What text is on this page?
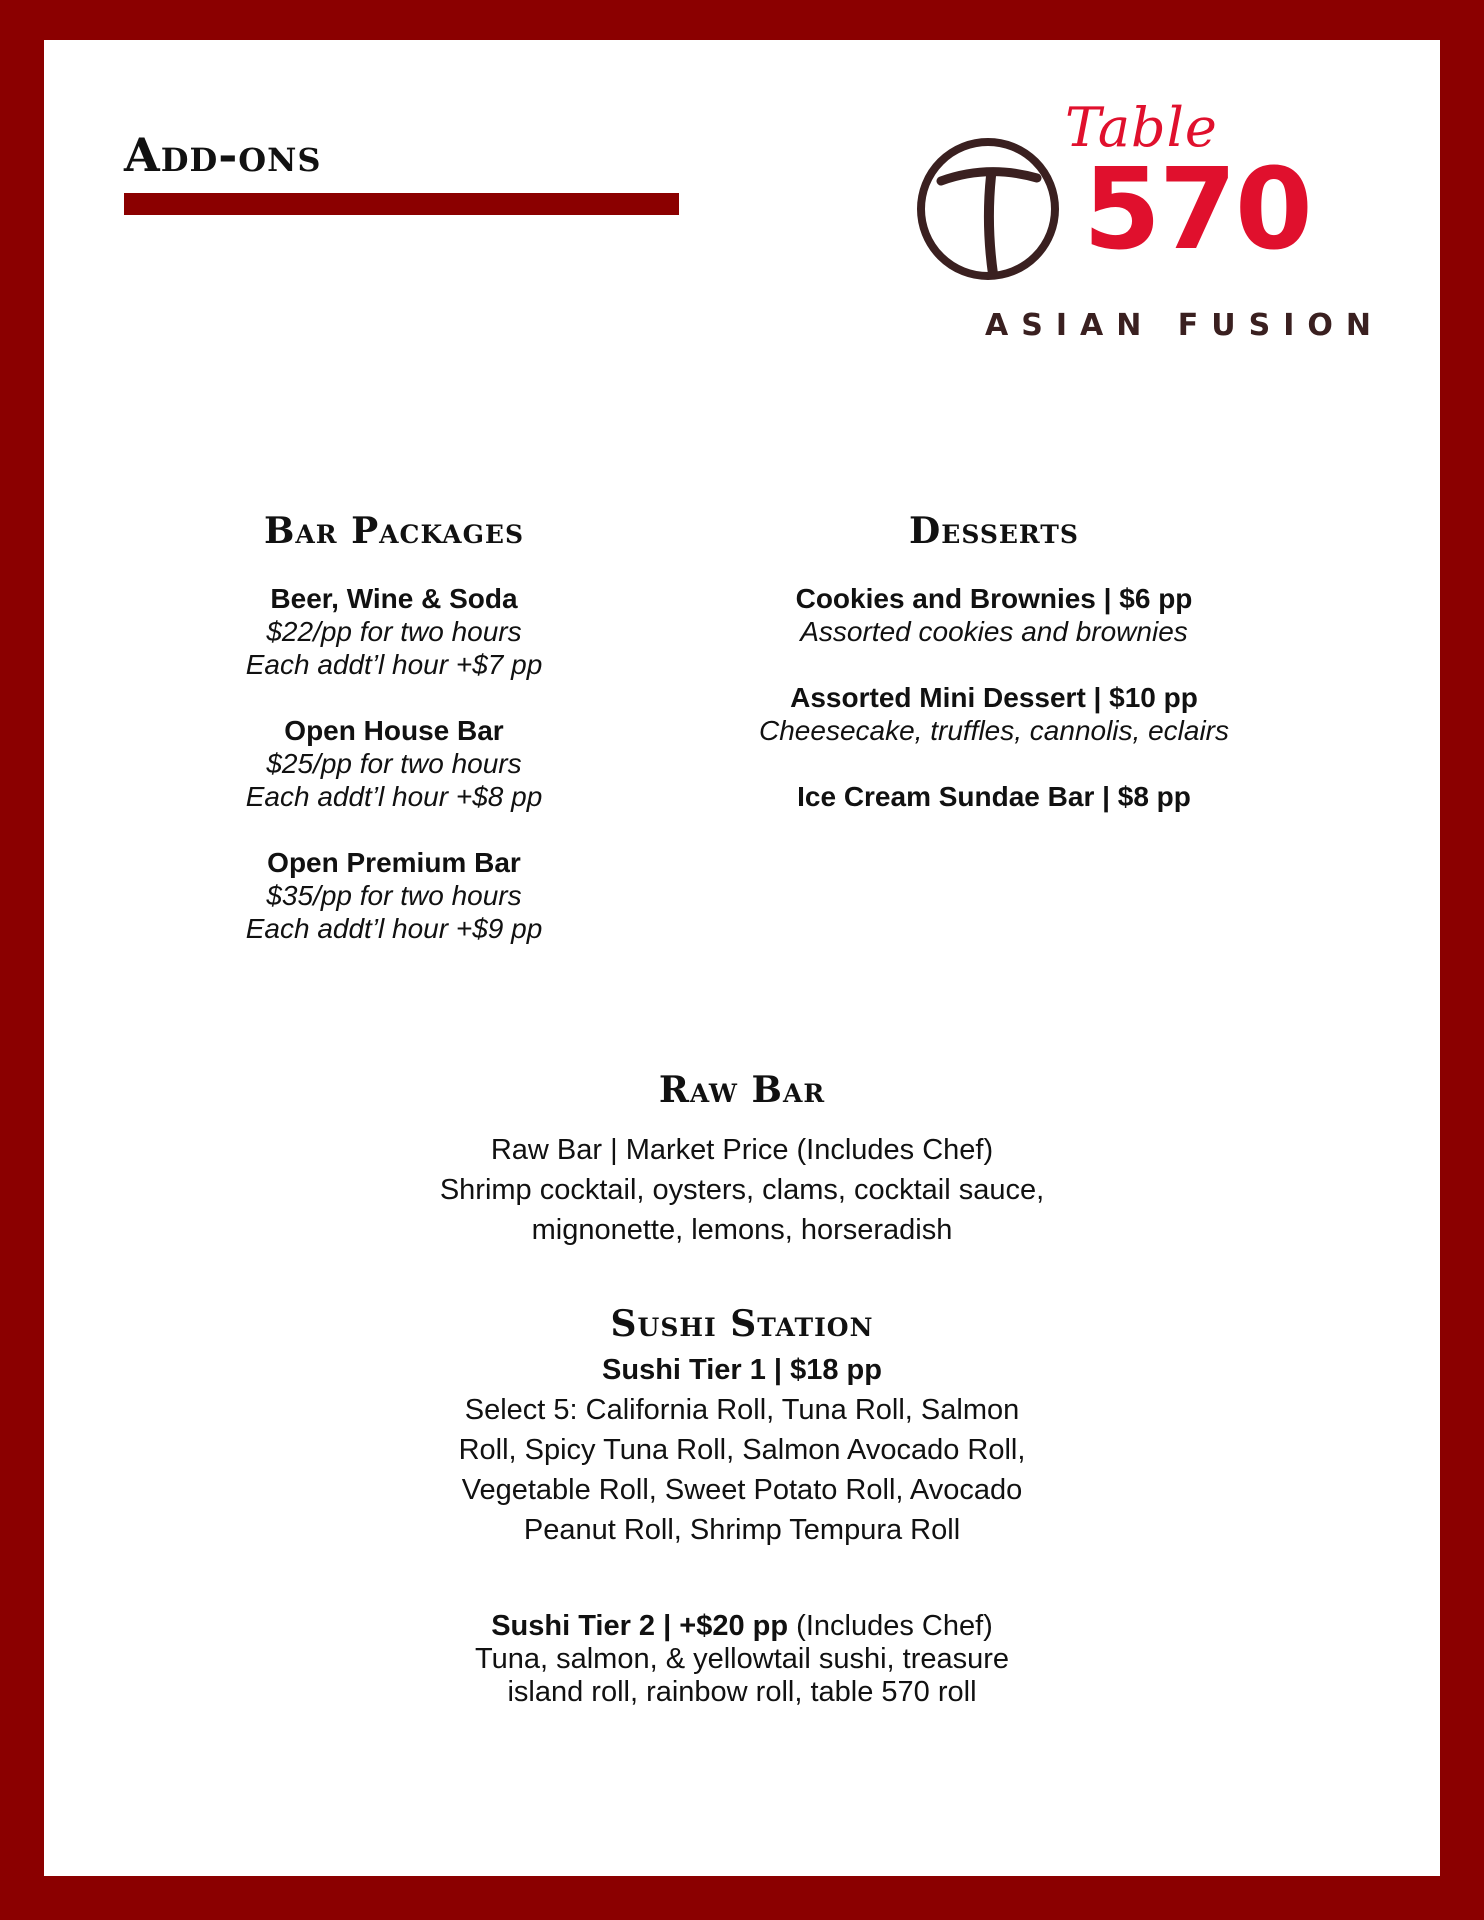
Add-ons	Table
570
ASIAN FUSION
Bar Packages
Beer, Wine & Soda
$22/pp for two hours
Each addt’l hour +$7 pp
Open House Bar
$25/pp for two hours
Each addt’l hour +$8 pp
Open Premium Bar
$35/pp for two hours
Each addt’l hour +$9 pp
Desserts
Cookies and Brownies | $6 pp
Assorted cookies and brownies
Assorted Mini Dessert | $10 pp
Cheesecake, truffles, cannolis, eclairs
Ice Cream Sundae Bar | $8 pp
Raw Bar
Raw Bar | Market Price (Includes Chef)
Shrimp cocktail, oysters, clams, cocktail sauce,
mignonette, lemons, horseradish
Sushi Station
Sushi Tier 1 | $18 pp
Select 5: California Roll, Tuna Roll, Salmon
Roll, Spicy Tuna Roll, Salmon Avocado Roll,
Vegetable Roll, Sweet Potato Roll, Avocado
Peanut Roll, Shrimp Tempura Roll
Sushi Tier 2 | +$20 pp (Includes Chef)
Tuna, salmon, & yellowtail sushi, treasure
island roll, rainbow roll, table 570 roll
